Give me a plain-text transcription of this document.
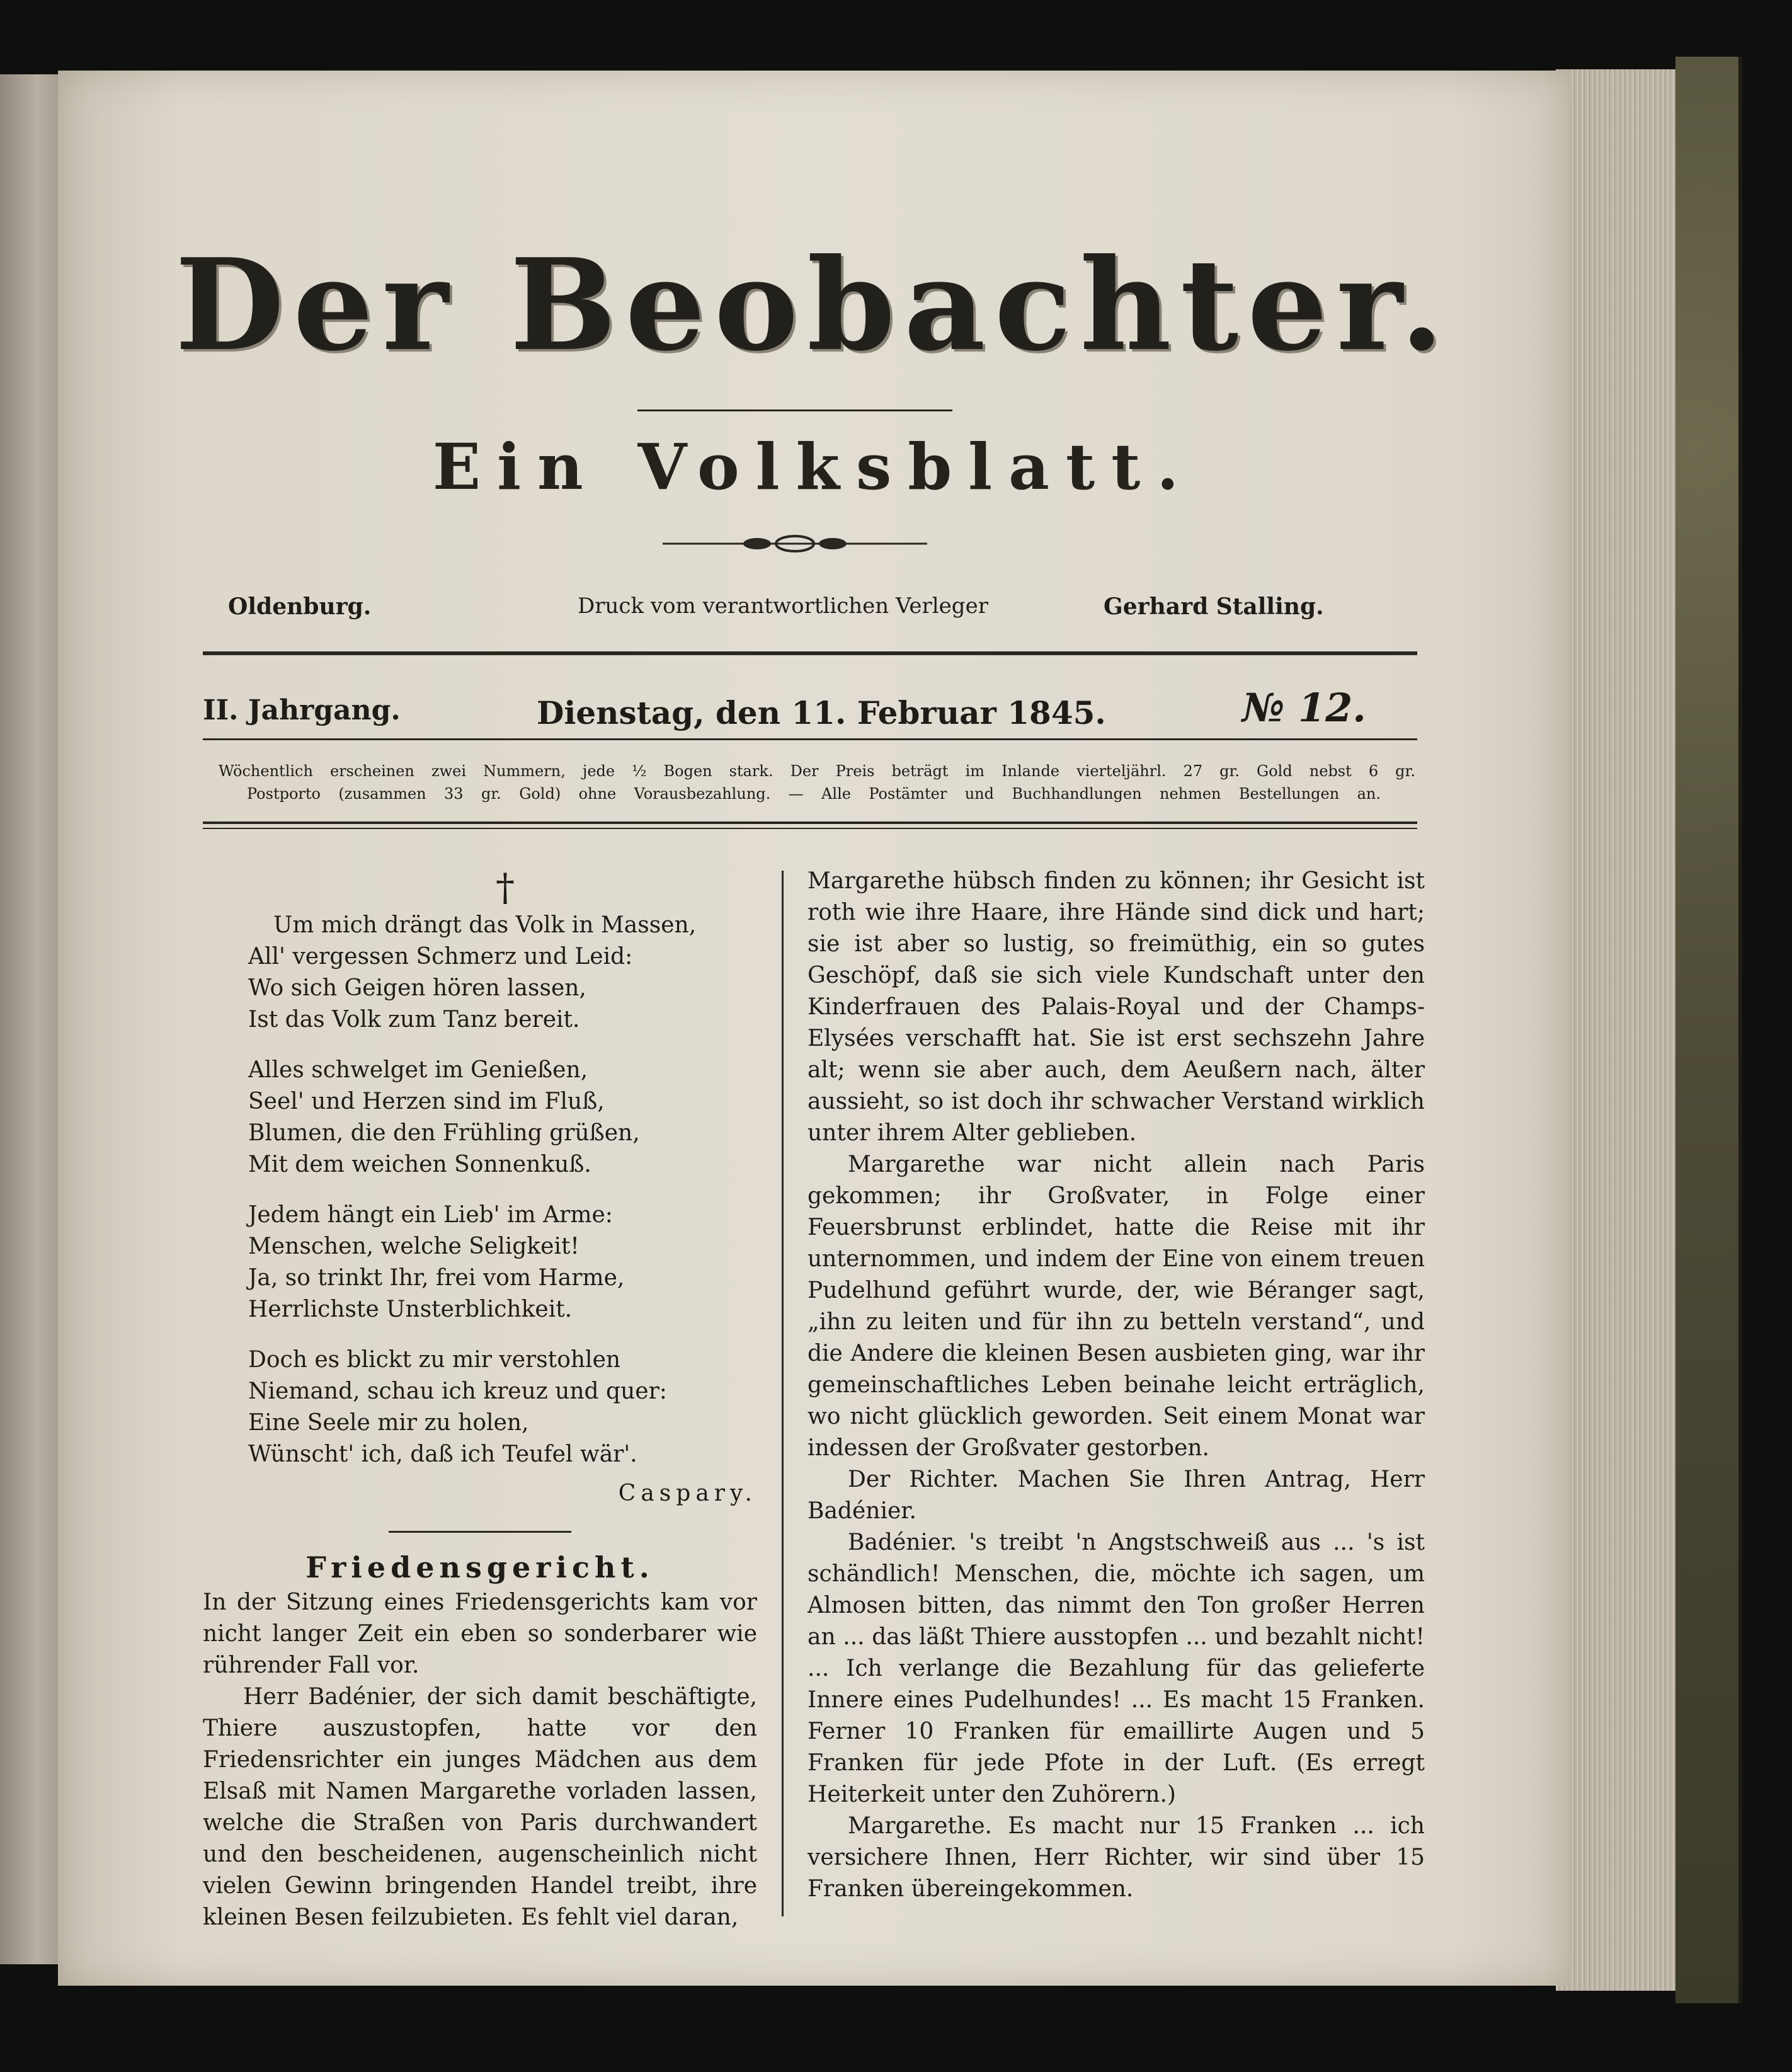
Der Beobachter.
Ein Volksblatt.
Oldenburg.	Druck vom verantwortlichen Verleger	Gerhard Stalling.
II. Jahrgang.	Dienstag, den 11. Februar 1845.	№ 12.
Wöchentlich erscheinen zwei Nummern, jede ½ Bogen stark. Der Preis beträgt im Inlande vierteljährl. 27 gr. Gold nebst 6 gr.
Postporto (zusammen 33 gr. Gold) ohne Vorausbezahlung. — Alle Postämter und Buchhandlungen nehmen Bestellungen an.
†
Um mich drängt das Volk in Massen,
All' vergessen Schmerz und Leid:
Wo sich Geigen hören lassen,
Ist das Volk zum Tanz bereit.
Alles schwelget im Genießen,
Seel' und Herzen sind im Fluß,
Blumen, die den Frühling grüßen,
Mit dem weichen Sonnenkuß.
Jedem hängt ein Lieb' im Arme:
Menschen, welche Seligkeit!
Ja, so trinkt Ihr, frei vom Harme,
Herrlichste Unsterblichkeit.
Doch es blickt zu mir verstohlen
Niemand, schau ich kreuz und quer:
Eine Seele mir zu holen,
Wünscht' ich, daß ich Teufel wär'.
Caspary.
Friedensgericht.
In der Sitzung eines Friedensgerichts kam vor nicht langer Zeit ein eben so sonderbarer wie rührender Fall vor.
Herr Badénier, der sich damit beschäftigte, Thiere auszustopfen, hatte vor den Friedensrichter ein junges Mädchen aus dem Elsaß mit Namen Margarethe vorladen lassen, welche die Straßen von Paris durchwandert und den bescheidenen, augenscheinlich nicht vielen Gewinn bringenden Handel treibt, ihre kleinen Besen feilzubieten. Es fehlt viel daran,
Margarethe hübsch finden zu können; ihr Gesicht ist roth wie ihre Haare, ihre Hände sind dick und hart; sie ist aber so lustig, so freimüthig, ein so gutes Geschöpf, daß sie sich viele Kundschaft unter den Kinderfrauen des Palais-Royal und der Champs-Elysées verschafft hat. Sie ist erst sechszehn Jahre alt; wenn sie aber auch, dem Aeußern nach, älter aussieht, so ist doch ihr schwacher Verstand wirklich unter ihrem Alter geblieben.
Margarethe war nicht allein nach Paris gekommen; ihr Großvater, in Folge einer Feuersbrunst erblindet, hatte die Reise mit ihr unternommen, und indem der Eine von einem treuen Pudelhund geführt wurde, der, wie Béranger sagt, „ihn zu leiten und für ihn zu betteln verstand“, und die Andere die kleinen Besen ausbieten ging, war ihr gemeinschaftliches Leben beinahe leicht erträglich, wo nicht glücklich geworden. Seit einem Monat war indessen der Großvater gestorben.
Der Richter. Machen Sie Ihren Antrag, Herr Badénier.
Badénier. 's treibt 'n Angstschweiß aus ... 's ist schändlich! Menschen, die, möchte ich sagen, um Almosen bitten, das nimmt den Ton großer Herren an ... das läßt Thiere ausstopfen ... und bezahlt nicht! ... Ich verlange die Bezahlung für das gelieferte Innere eines Pudelhundes! ... Es macht 15 Franken. Ferner 10 Franken für emaillirte Augen und 5 Franken für jede Pfote in der Luft. (Es erregt Heiterkeit unter den Zuhörern.)
Margarethe. Es macht nur 15 Franken ... ich versichere Ihnen, Herr Richter, wir sind über 15 Franken übereingekommen.
